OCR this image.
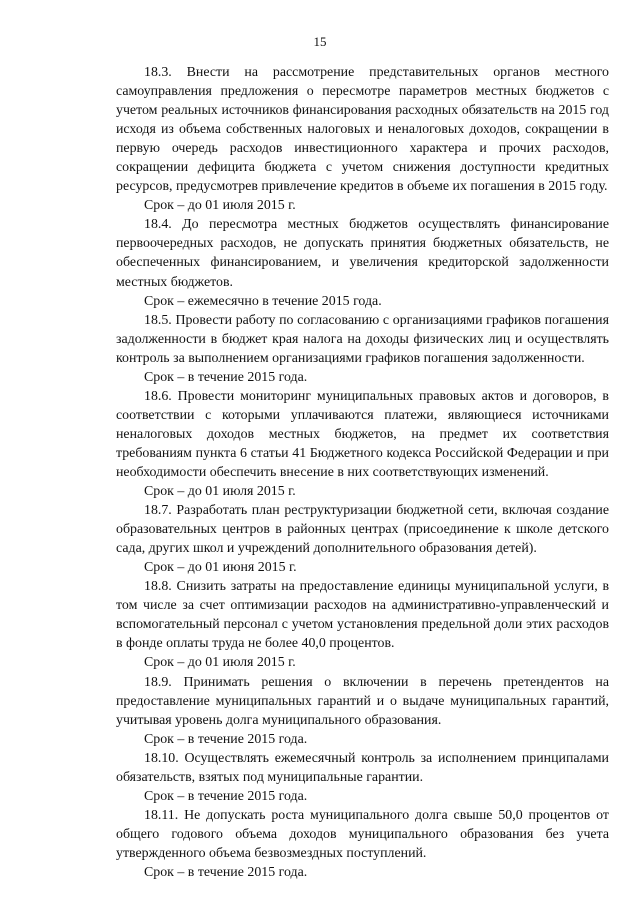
15

18.3. Внести на рассмотрение представительных органов местного самоуправления предложения о пересмотре параметров местных бюджетов с учетом реальных источников финансирования расходных обязательств на 2015 год исходя из объема собственных налоговых и неналоговых доходов, сокращении в первую очередь расходов инвестиционного характера и прочих расходов, сокращении дефицита бюджета с учетом снижения доступности кредитных ресурсов, предусмотрев привлечение кредитов в объеме их погашения в 2015 году.

Срок – до 01 июля 2015 г.

18.4. До пересмотра местных бюджетов осуществлять финансирование первоочередных расходов, не допускать принятия бюджетных обязательств, не обеспеченных финансированием, и увеличения кредиторской задолженности местных бюджетов.

Срок – ежемесячно в течение 2015 года.

18.5. Провести работу по согласованию с организациями графиков погашения задолженности в бюджет края налога на доходы физических лиц и осуществлять контроль за выполнением организациями графиков погашения задолженности.

Срок – в течение 2015 года.

18.6. Провести мониторинг муниципальных правовых актов и договоров, в соответствии с которыми уплачиваются платежи, являющиеся источниками неналоговых доходов местных бюджетов, на предмет их соответствия требованиям пункта 6 статьи 41 Бюджетного кодекса Российской Федерации и при необходимости обеспечить внесение в них соответствующих изменений.

Срок – до 01 июля 2015 г.

18.7. Разработать план реструктуризации бюджетной сети, включая создание образовательных центров в районных центрах (присоединение к школе детского сада, других школ и учреждений дополнительного образования детей).

Срок – до 01 июня 2015 г.

18.8. Снизить затраты на предоставление единицы муниципальной услуги, в том числе за счет оптимизации расходов на административно-управленческий и вспомогательный персонал с учетом установления предельной доли этих расходов в фонде оплаты труда не более 40,0 процентов.

Срок – до 01 июля 2015 г.

18.9. Принимать решения о включении в перечень претендентов на предоставление муниципальных гарантий и о выдаче муниципальных гарантий, учитывая уровень долга муниципального образования.

Срок – в течение 2015 года.

18.10. Осуществлять ежемесячный контроль за исполнением принципалами обязательств, взятых под муниципальные гарантии.

Срок – в течение 2015 года.

18.11. Не допускать роста муниципального долга свыше 50,0 процентов от общего годового объема доходов муниципального образования без учета утвержденного объема безвозмездных поступлений.

Срок – в течение 2015 года.
